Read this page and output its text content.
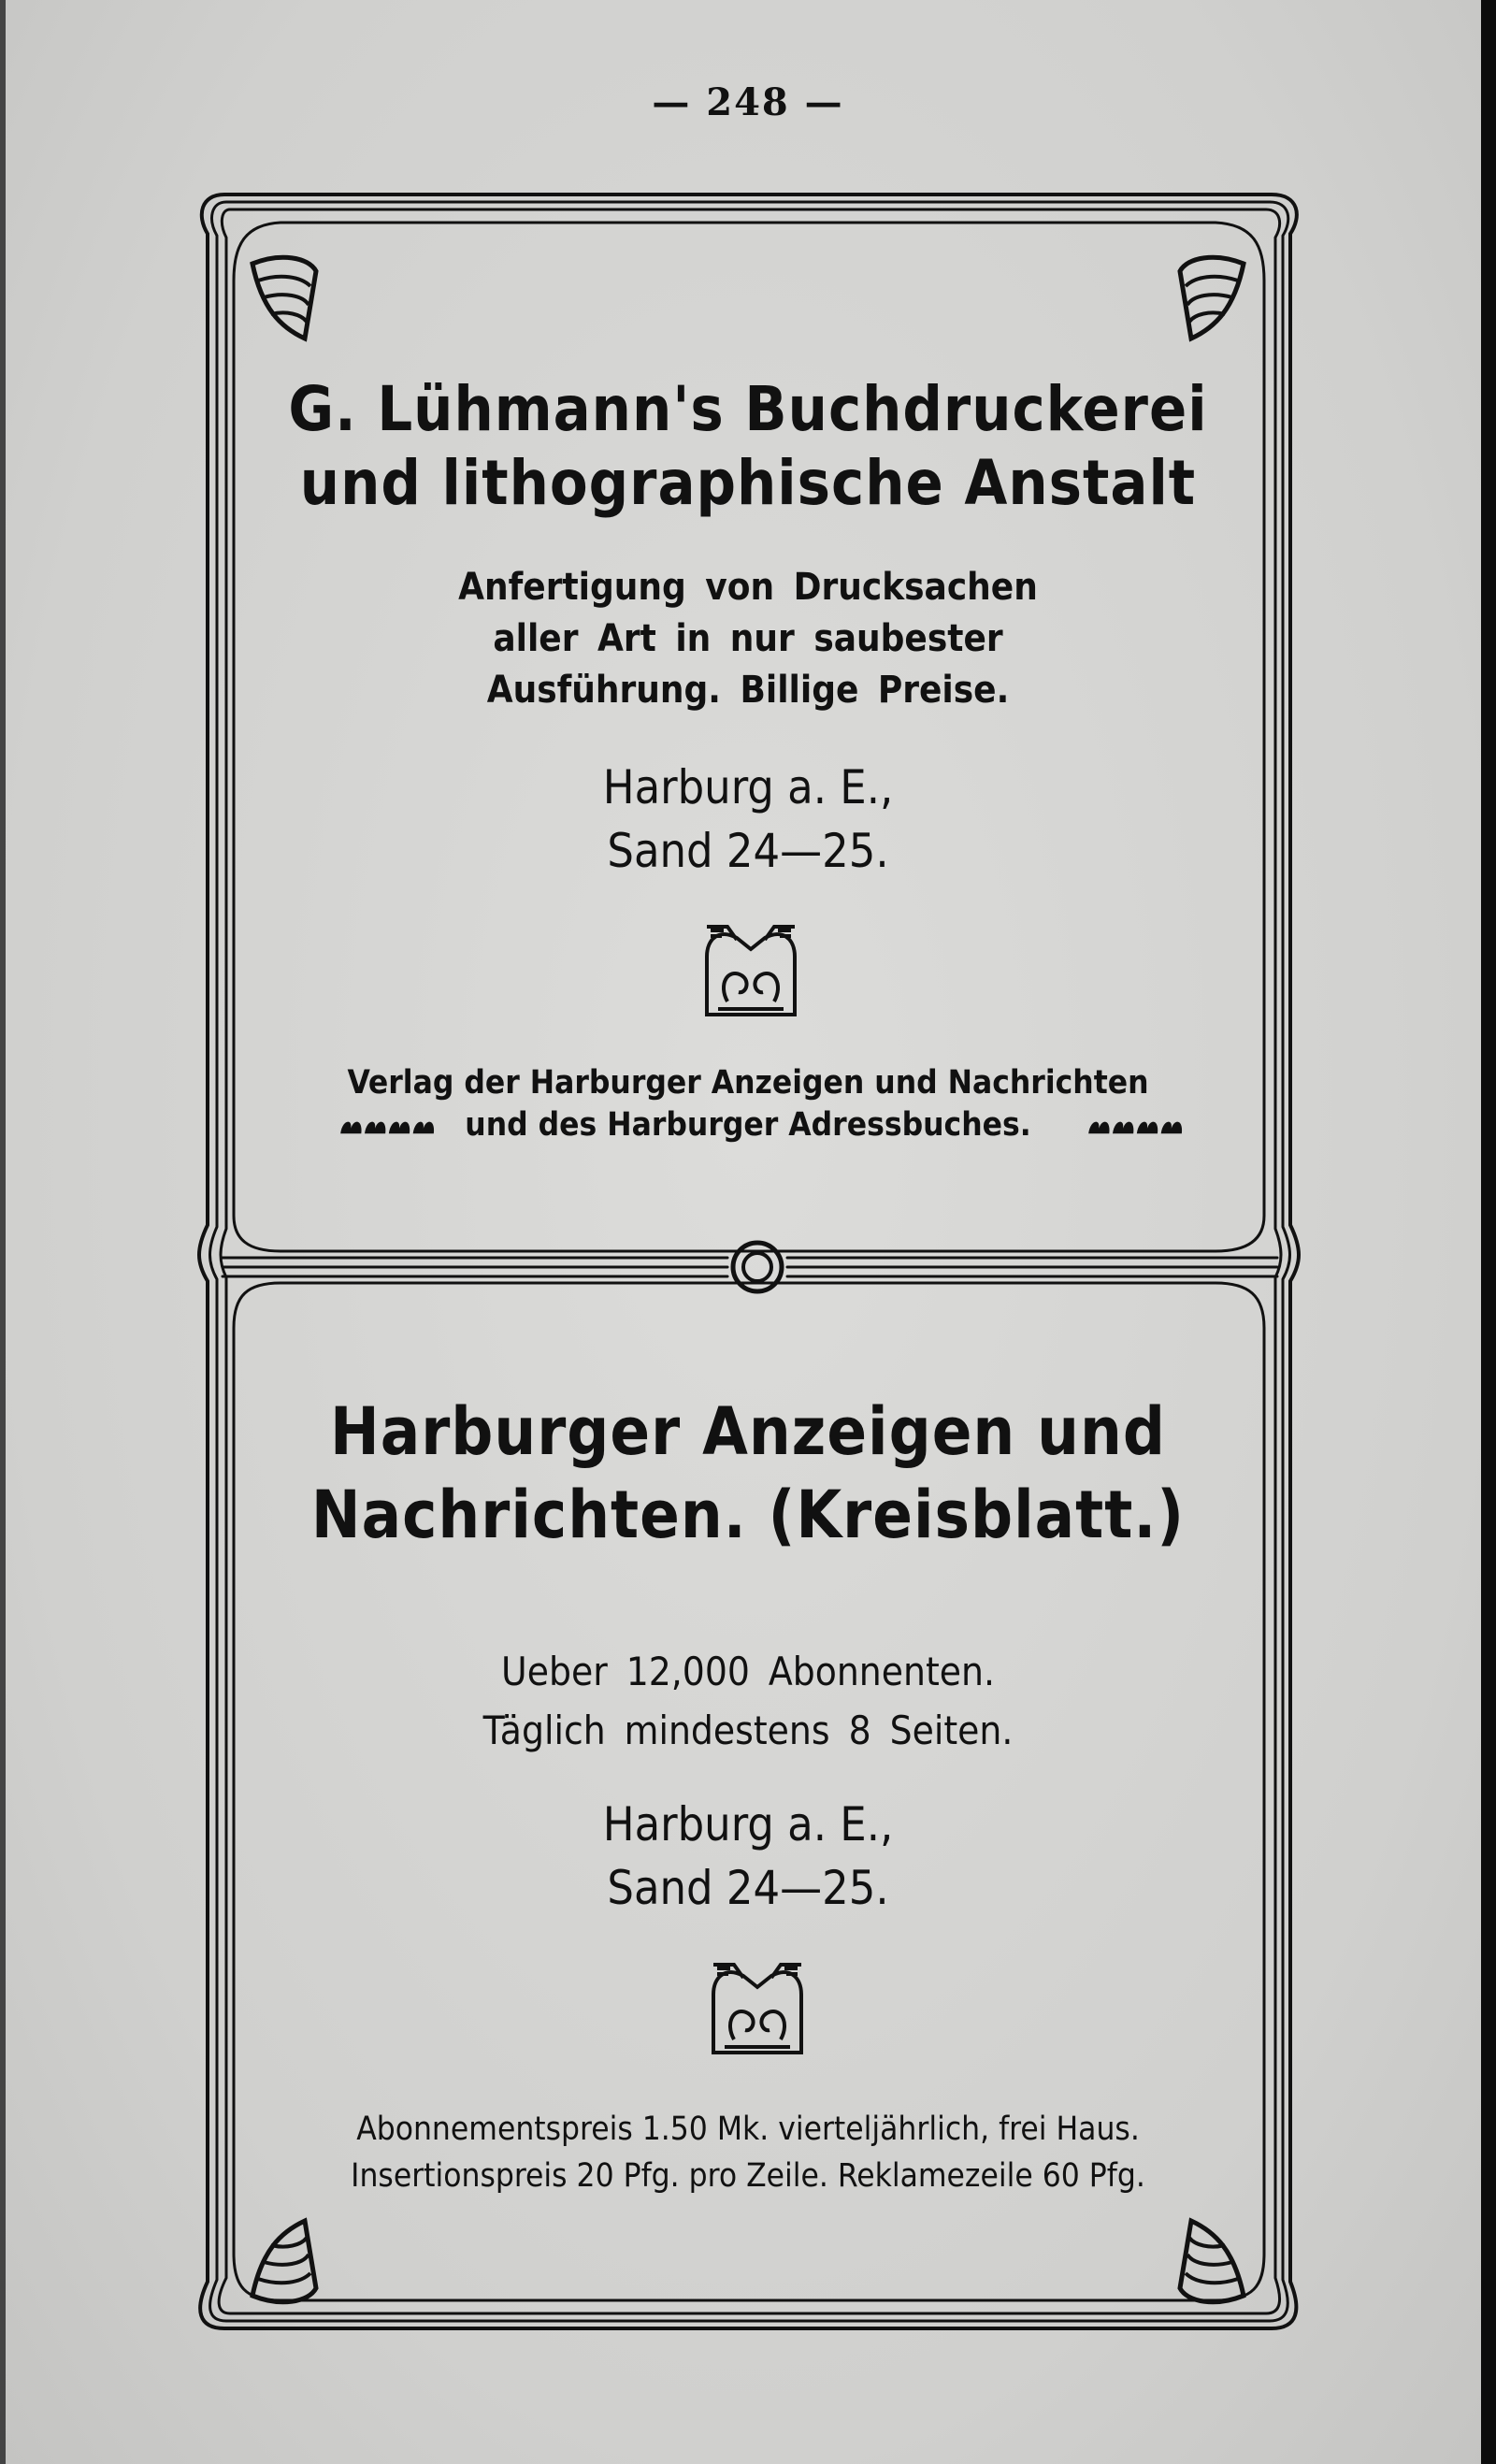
— 248 —
G. Lühmann's Buchdruckerei
und lithographische Anstalt
Anfertigung von Drucksachen
aller Art in nur saubester
Ausführung. Billige Preise.
Harburg a. E.,
Sand 24—25.
Verlag der Harburger Anzeigen und Nachrichten
und des Harburger Adressbuches.
Harburger Anzeigen und
Nachrichten. (Kreisblatt.)
Ueber 12,000 Abonnenten.
Täglich mindestens 8 Seiten.
Harburg a. E.,
Sand 24—25.
Abonnementspreis 1.50 Mk. vierteljährlich, frei Haus.
Insertionspreis 20 Pfg. pro Zeile. Reklamezeile 60 Pfg.
